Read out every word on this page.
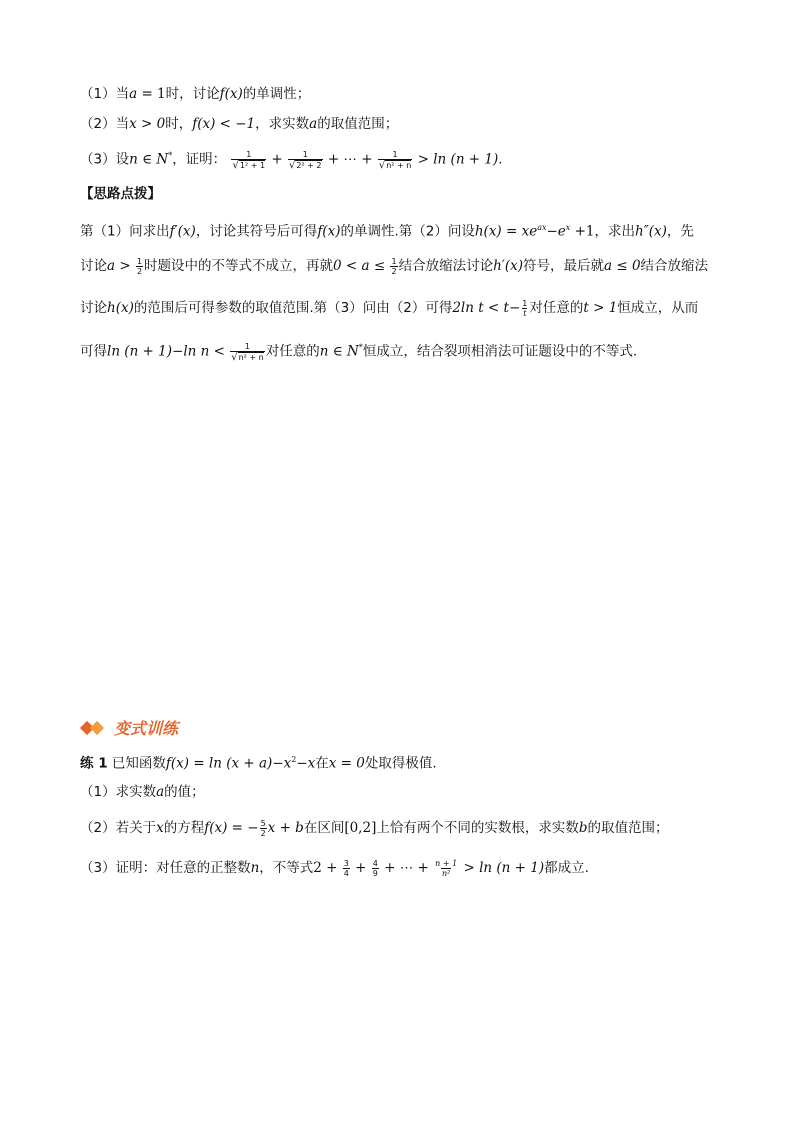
（1）当a = 1时，讨论f(x)的单调性；
（2）当x > 0时，f(x) < −1，求实数a的取值范围；
（3）设n ∈ N*，证明： $\frac{1}{\text{√1² + 1}} + \frac{1}{\text{√2² + 2}}$ + ⋯ + $\frac{1}{\text{√n² + n}} > \ln (n + 1)$.
【思路点拨】
第（1）问求出f′(x)，讨论其符号后可得f(x)的单调性.第（2）问设$h(x) = xe^{ax}-e^x +1$，求出h″(x)，先
讨论$a > \frac{1}{2}$ 时题设中的不等式不成立，再就$0 < a \le \frac{1}{2}$ 结合放缩法讨论h′(x)符号，最后就a ≤ 0结合放缩法
讨论h(x)的范围后可得参数的取值范围.第（3）问由（2）可得2ln $t < t- \frac{1}{t}$ 对任意的t > 1恒成立，从而
可得ln (n + 1)−ln $n < \frac{1}{\text{√n² + n}}$ 对任意的n ∈ N*恒成立，结合裂项相消法可证题设中的不等式.
变式训练
练 1 已知函数$f(x) = \ln (x + a)-x^2-x$在x = 0处取得极值.
（1）求实数a的值；
（2）若关于x的方程f(x) = − $\frac{5}{2}$ x + b在区间[0,2]上恰有两个不同的实数根，求实数b的取值范围；
（3）证明：对任意的正整数n，不等式$2 + \frac{3}{4} + \frac{4}{9}$ + ⋯ + $\frac{n + 1}{\text{n²}} > \ln (n + 1)$都成立.
